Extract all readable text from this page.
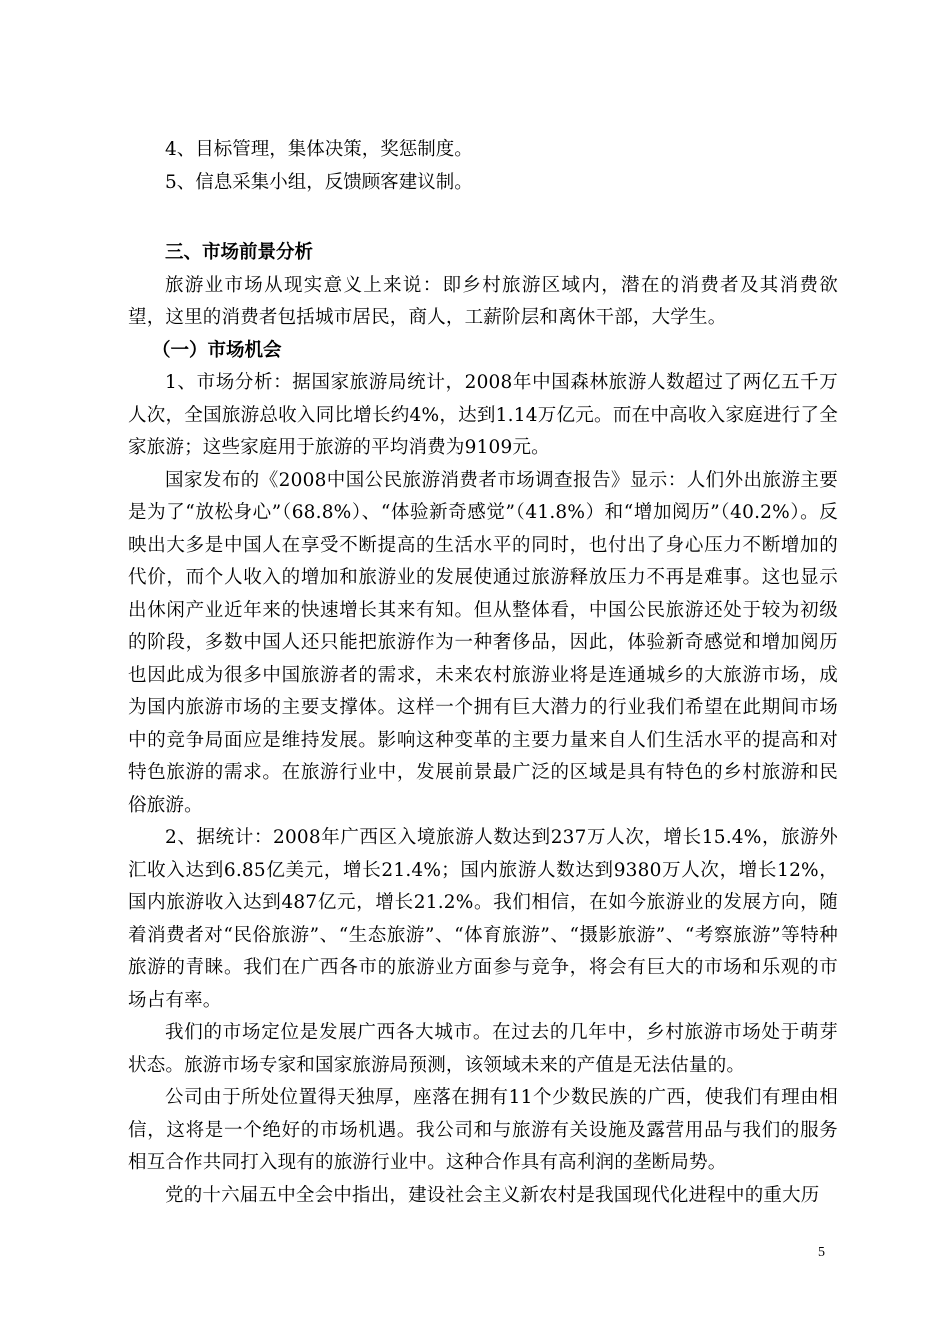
4、目标管理，集体决策，奖惩制度。

5、信息采集小组，反馈顾客建议制。

三、市场前景分析

旅游业市场从现实意义上来说：即乡村旅游区域内，潜在的消费者及其消费欲望，这里的消费者包括城市居民，商人，工薪阶层和离休干部，大学生。

（一）市场机会

1、市场分析：据国家旅游局统计，2008年中国森林旅游人数超过了两亿五千万人次，全国旅游总收入同比增长约4%，达到1.14万亿元。而在中高收入家庭进行了全家旅游；这些家庭用于旅游的平均消费为9109元。

国家发布的《2008中国公民旅游消费者市场调查报告》显示：人们外出旅游主要是为了“放松身心”（68.8%）、“体验新奇感觉”（41.8%）和“增加阅历”（40.2%）。反映出大多是中国人在享受不断提高的生活水平的同时，也付出了身心压力不断增加的代价，而个人收入的增加和旅游业的发展使通过旅游释放压力不再是难事。这也显示出休闲产业近年来的快速增长其来有知。但从整体看，中国公民旅游还处于较为初级的阶段，多数中国人还只能把旅游作为一种奢侈品，因此，体验新奇感觉和增加阅历也因此成为很多中国旅游者的需求，未来农村旅游业将是连通城乡的大旅游市场，成为国内旅游市场的主要支撑体。这样一个拥有巨大潜力的行业我们希望在此期间市场中的竞争局面应是维持发展。影响这种变革的主要力量来自人们生活水平的提高和对特色旅游的需求。在旅游行业中，发展前景最广泛的区域是具有特色的乡村旅游和民俗旅游。

2、据统计：2008年广西区入境旅游人数达到237万人次，增长15.4%，旅游外汇收入达到6.85亿美元，增长21.4%；国内旅游人数达到9380万人次，增长12%，国内旅游收入达到487亿元，增长21.2%。我们相信，在如今旅游业的发展方向，随着消费者对“民俗旅游”、“生态旅游”、“体育旅游”、“摄影旅游”、“考察旅游”等特种旅游的青睐。我们在广西各市的旅游业方面参与竞争，将会有巨大的市场和乐观的市场占有率。

我们的市场定位是发展广西各大城市。在过去的几年中，乡村旅游市场处于萌芽状态。旅游市场专家和国家旅游局预测，该领域未来的产值是无法估量的。

公司由于所处位置得天独厚，座落在拥有11个少数民族的广西，使我们有理由相信，这将是一个绝好的市场机遇。我公司和与旅游有关设施及露营用品与我们的服务相互合作共同打入现有的旅游行业中。这种合作具有高利润的垄断局势。

党的十六届五中全会中指出，建设社会主义新农村是我国现代化进程中的重大历

5
